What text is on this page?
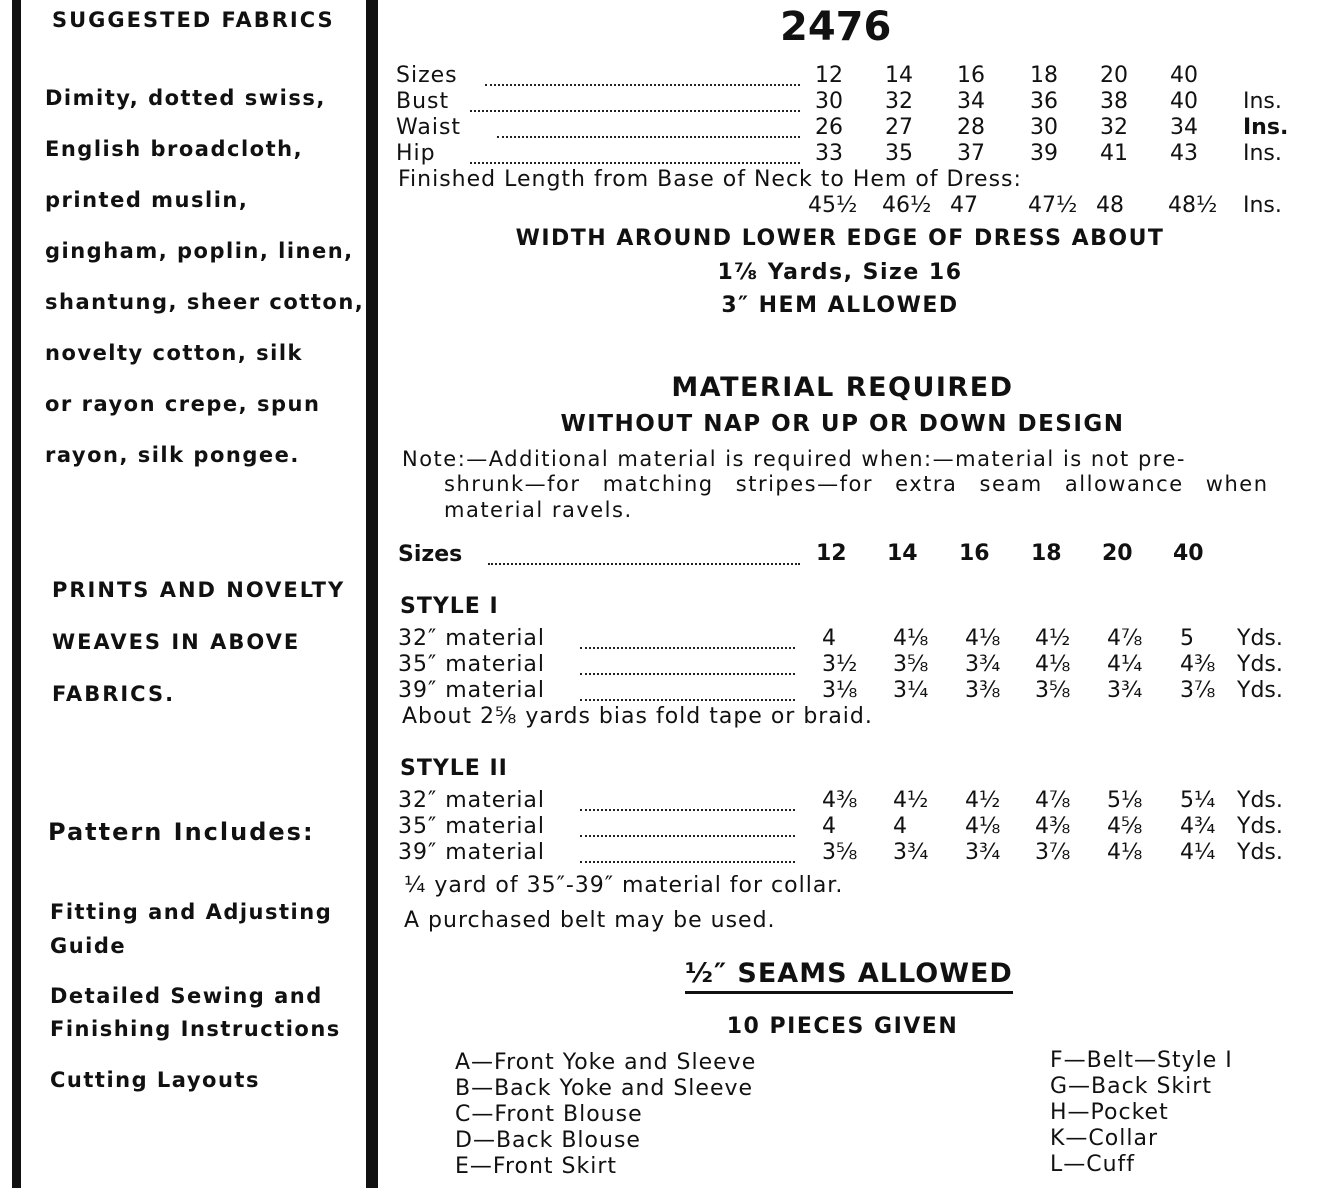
SUGGESTED FABRICS
Dimity, dotted swiss,
English broadcloth,
printed muslin,
gingham, poplin, linen,
shantung, sheer cotton,
novelty cotton, silk
or rayon crepe, spun
rayon, silk pongee.
PRINTS AND NOVELTY
WEAVES IN ABOVE
FABRICS.
Pattern Includes:
Fitting and Adjusting
Guide
Detailed Sewing and
Finishing Instructions
Cutting Layouts
2476
Sizes	12 14 16 18 20 40
Bust	30 32 34 36 38 40 Ins.
Waist	26 27 28 30 32 34 Ins.
Hip	33 35 37 39 41 43 Ins.
Finished Length from Base of Neck to Hem of Dress:
45½ 46½ 47 47½ 48 48½ Ins.
WIDTH AROUND LOWER EDGE OF DRESS ABOUT
1⅞ Yards, Size 16
3″ HEM ALLOWED
MATERIAL REQUIRED
WITHOUT NAP OR UP OR DOWN DESIGN
Note:—Additional material is required when:—material is not pre-
shrunk—for matching stripes—for extra seam allowance when
material ravels.
Sizes	12 14 16 18 20 40
STYLE I
32″ material	4	4⅛ 4⅛ 4½ 4⅞ 5 Yds.
35″ material	3½ 3⅝ 3¾ 4⅛ 4¼ 4⅜ Yds.
39″ material	3⅛ 3¼ 3⅜ 3⅝ 3¾ 3⅞ Yds.
About 2⅝ yards bias fold tape or braid.
STYLE II
32″ material	4⅜ 4½ 4½ 4⅞ 5⅛ 5¼ Yds.
35″ material	4	4	4⅛ 4⅜ 4⅝ 4¾ Yds.
39″ material	3⅝ 3¾ 3¾ 3⅞ 4⅛ 4¼ Yds.
¼ yard of 35″-39″ material for collar.
A purchased belt may be used.
½″ SEAMS ALLOWED
10 PIECES GIVEN
A—Front Yoke and Sleeve
B—Back Yoke and Sleeve
C—Front Blouse
D—Back Blouse
E—Front Skirt
F—Belt—Style I
G—Back Skirt
H—Pocket
K—Collar
L—Cuff
